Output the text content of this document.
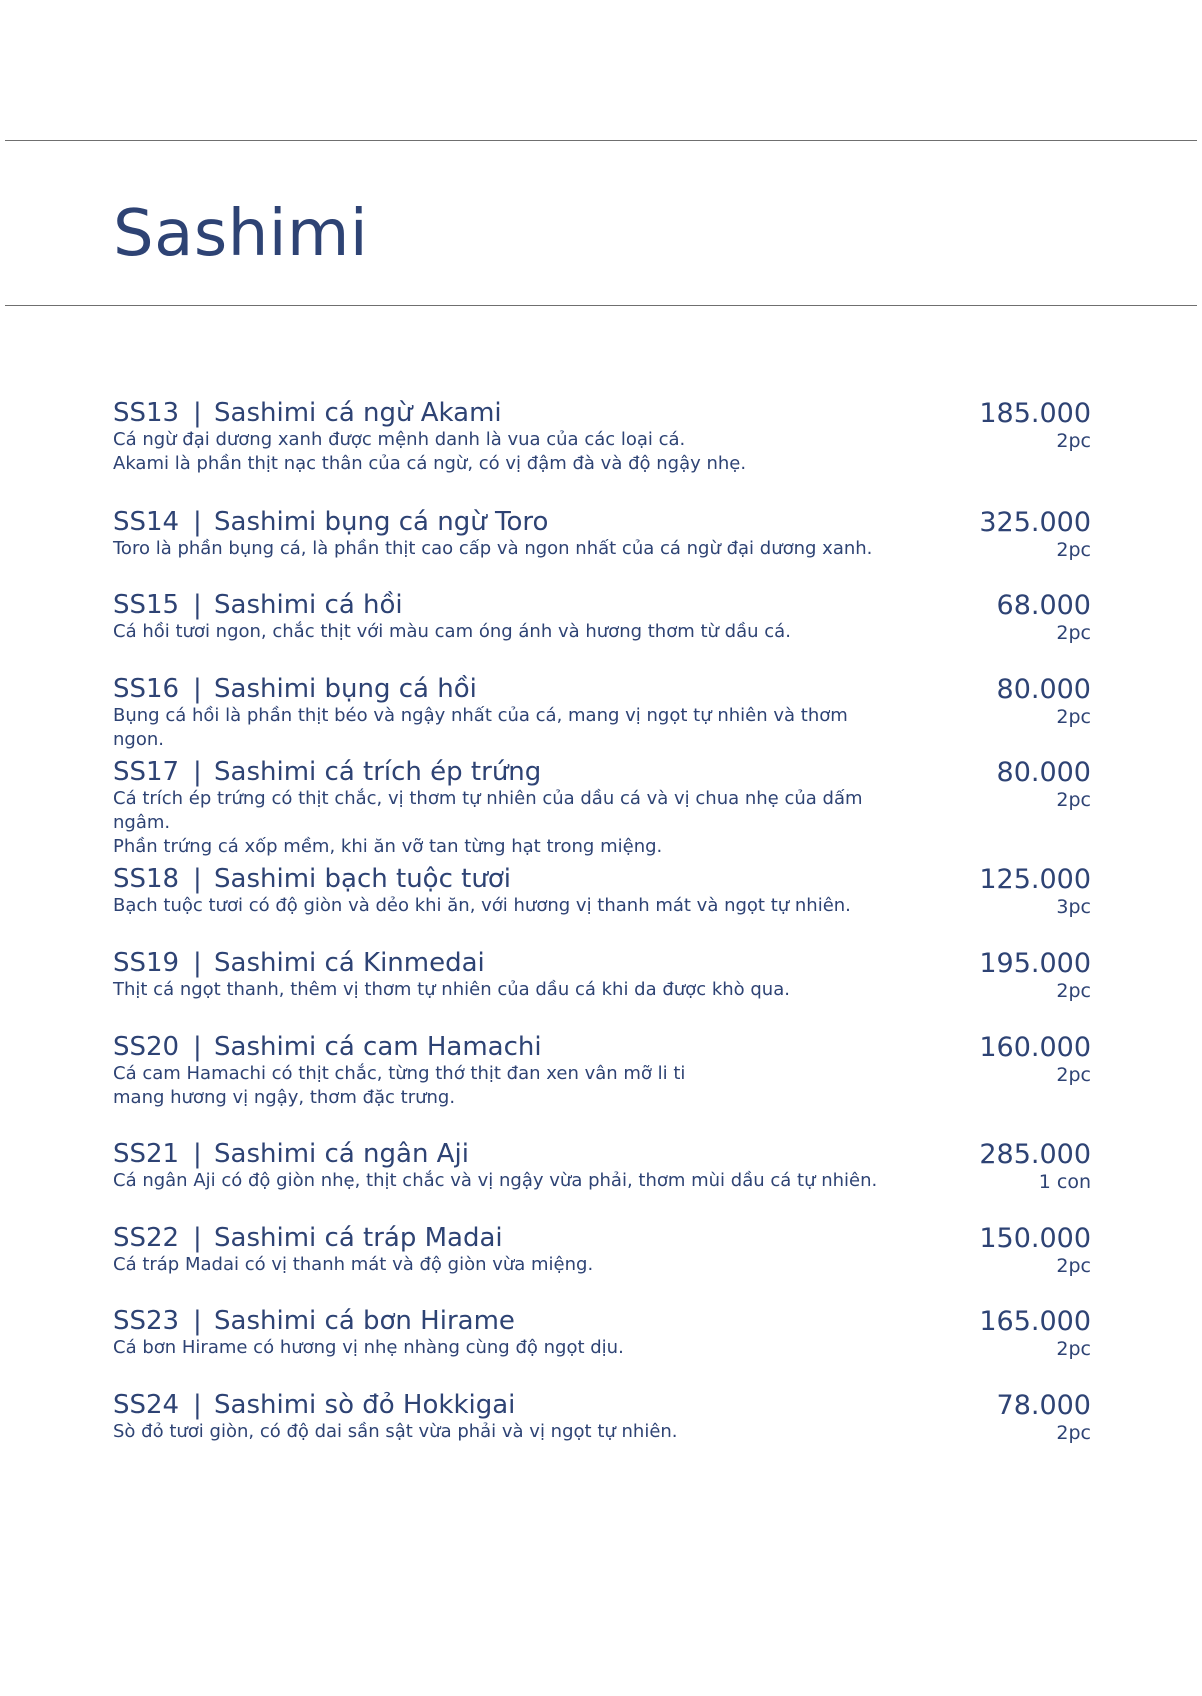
Sashimi
SS13 | Sashimi cá ngừ Akami
Cá ngừ đại dương xanh được mệnh danh là vua của các loại cá.
Akami là phần thịt nạc thân của cá ngừ, có vị đậm đà và độ ngậy nhẹ.
185.000
2pc
SS14 | Sashimi bụng cá ngừ Toro
Toro là phần bụng cá, là phần thịt cao cấp và ngon nhất của cá ngừ đại dương xanh.
325.000
2pc
SS15 | Sashimi cá hồi
Cá hồi tươi ngon, chắc thịt với màu cam óng ánh và hương thơm từ dầu cá.
68.000
2pc
SS16 | Sashimi bụng cá hồi
Bụng cá hồi là phần thịt béo và ngậy nhất của cá, mang vị ngọt tự nhiên và thơm ngon.
80.000
2pc
SS17 | Sashimi cá trích ép trứng
Cá trích ép trứng có thịt chắc, vị thơm tự nhiên của dầu cá và vị chua nhẹ của dấm ngâm.
Phần trứng cá xốp mềm, khi ăn vỡ tan từng hạt trong miệng.
80.000
2pc
SS18 | Sashimi bạch tuộc tươi
Bạch tuộc tươi có độ giòn và dẻo khi ăn, với hương vị thanh mát và ngọt tự nhiên.
125.000
3pc
SS19 | Sashimi cá Kinmedai
Thịt cá ngọt thanh, thêm vị thơm tự nhiên của dầu cá khi da được khò qua.
195.000
2pc
SS20 | Sashimi cá cam Hamachi
Cá cam Hamachi có thịt chắc, từng thớ thịt đan xen vân mỡ li ti
mang hương vị ngậy, thơm đặc trưng.
160.000
2pc
SS21 | Sashimi cá ngân Aji
Cá ngân Aji có độ giòn nhẹ, thịt chắc và vị ngậy vừa phải, thơm mùi dầu cá tự nhiên.
285.000
1 con
SS22 | Sashimi cá tráp Madai
Cá tráp Madai có vị thanh mát và độ giòn vừa miệng.
150.000
2pc
SS23 | Sashimi cá bơn Hirame
Cá bơn Hirame có hương vị nhẹ nhàng cùng độ ngọt dịu.
165.000
2pc
SS24 | Sashimi sò đỏ Hokkigai
Sò đỏ tươi giòn, có độ dai sần sật vừa phải và vị ngọt tự nhiên.
78.000
2pc
